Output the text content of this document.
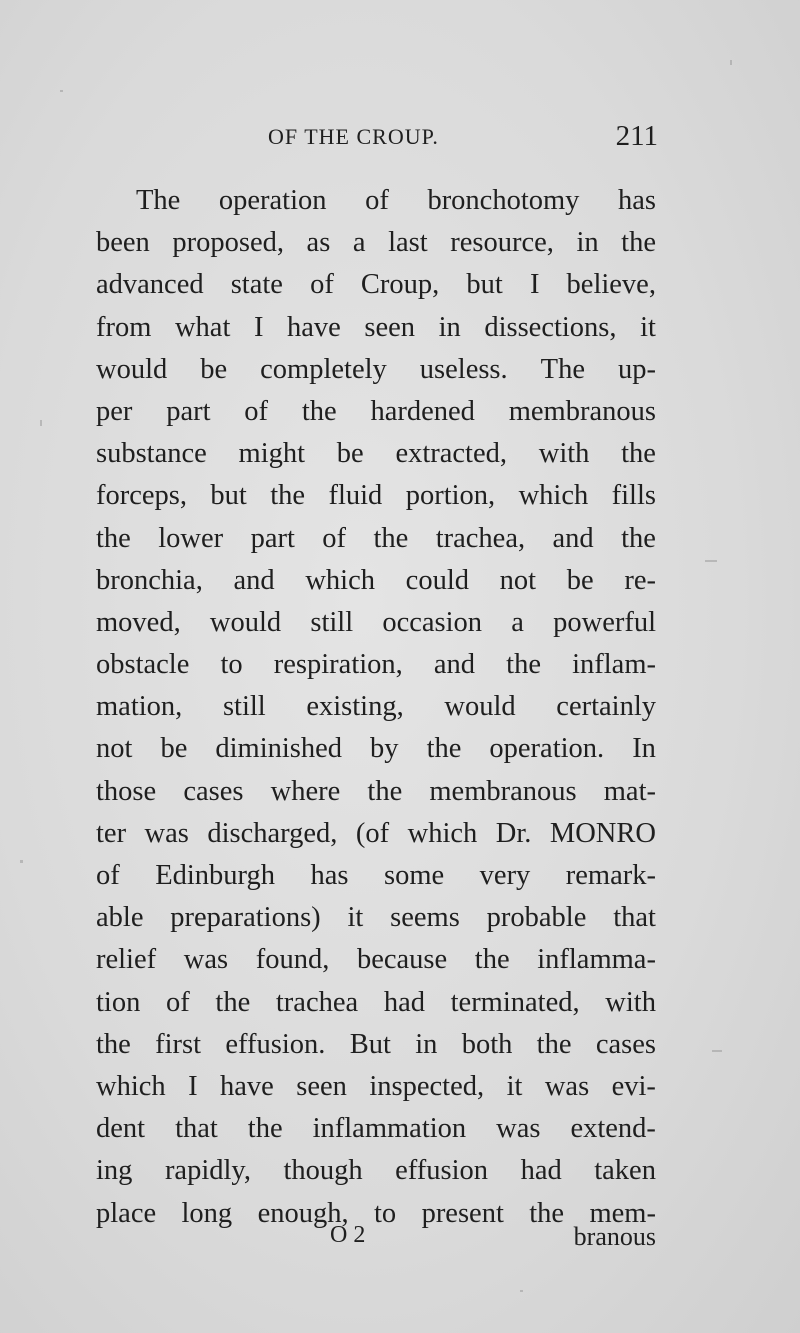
OF THE CROUP.	211
The operation of bronchotomy has
been proposed, as a last resource, in the
advanced state of Croup, but I believe,
from what I have seen in dissections, it
would be completely useless. The up-
per part of the hardened membranous
substance might be extracted, with the
forceps, but the fluid portion, which fills
the lower part of the trachea, and the
bronchia, and which could not be re-
moved, would still occasion a powerful
obstacle to respiration, and the inflam-
mation, still existing, would certainly
not be diminished by the operation. In
those cases where the membranous mat-
ter was discharged, (of which Dr. MONRO
of Edinburgh has some very remark-
able preparations) it seems probable that
relief was found, because the inflamma-
tion of the trachea had terminated, with
the first effusion. But in both the cases
which I have seen inspected, it was evi-
dent that the inflammation was extend-
ing rapidly, though effusion had taken
place long enough, to present the mem-
O 2	branous
